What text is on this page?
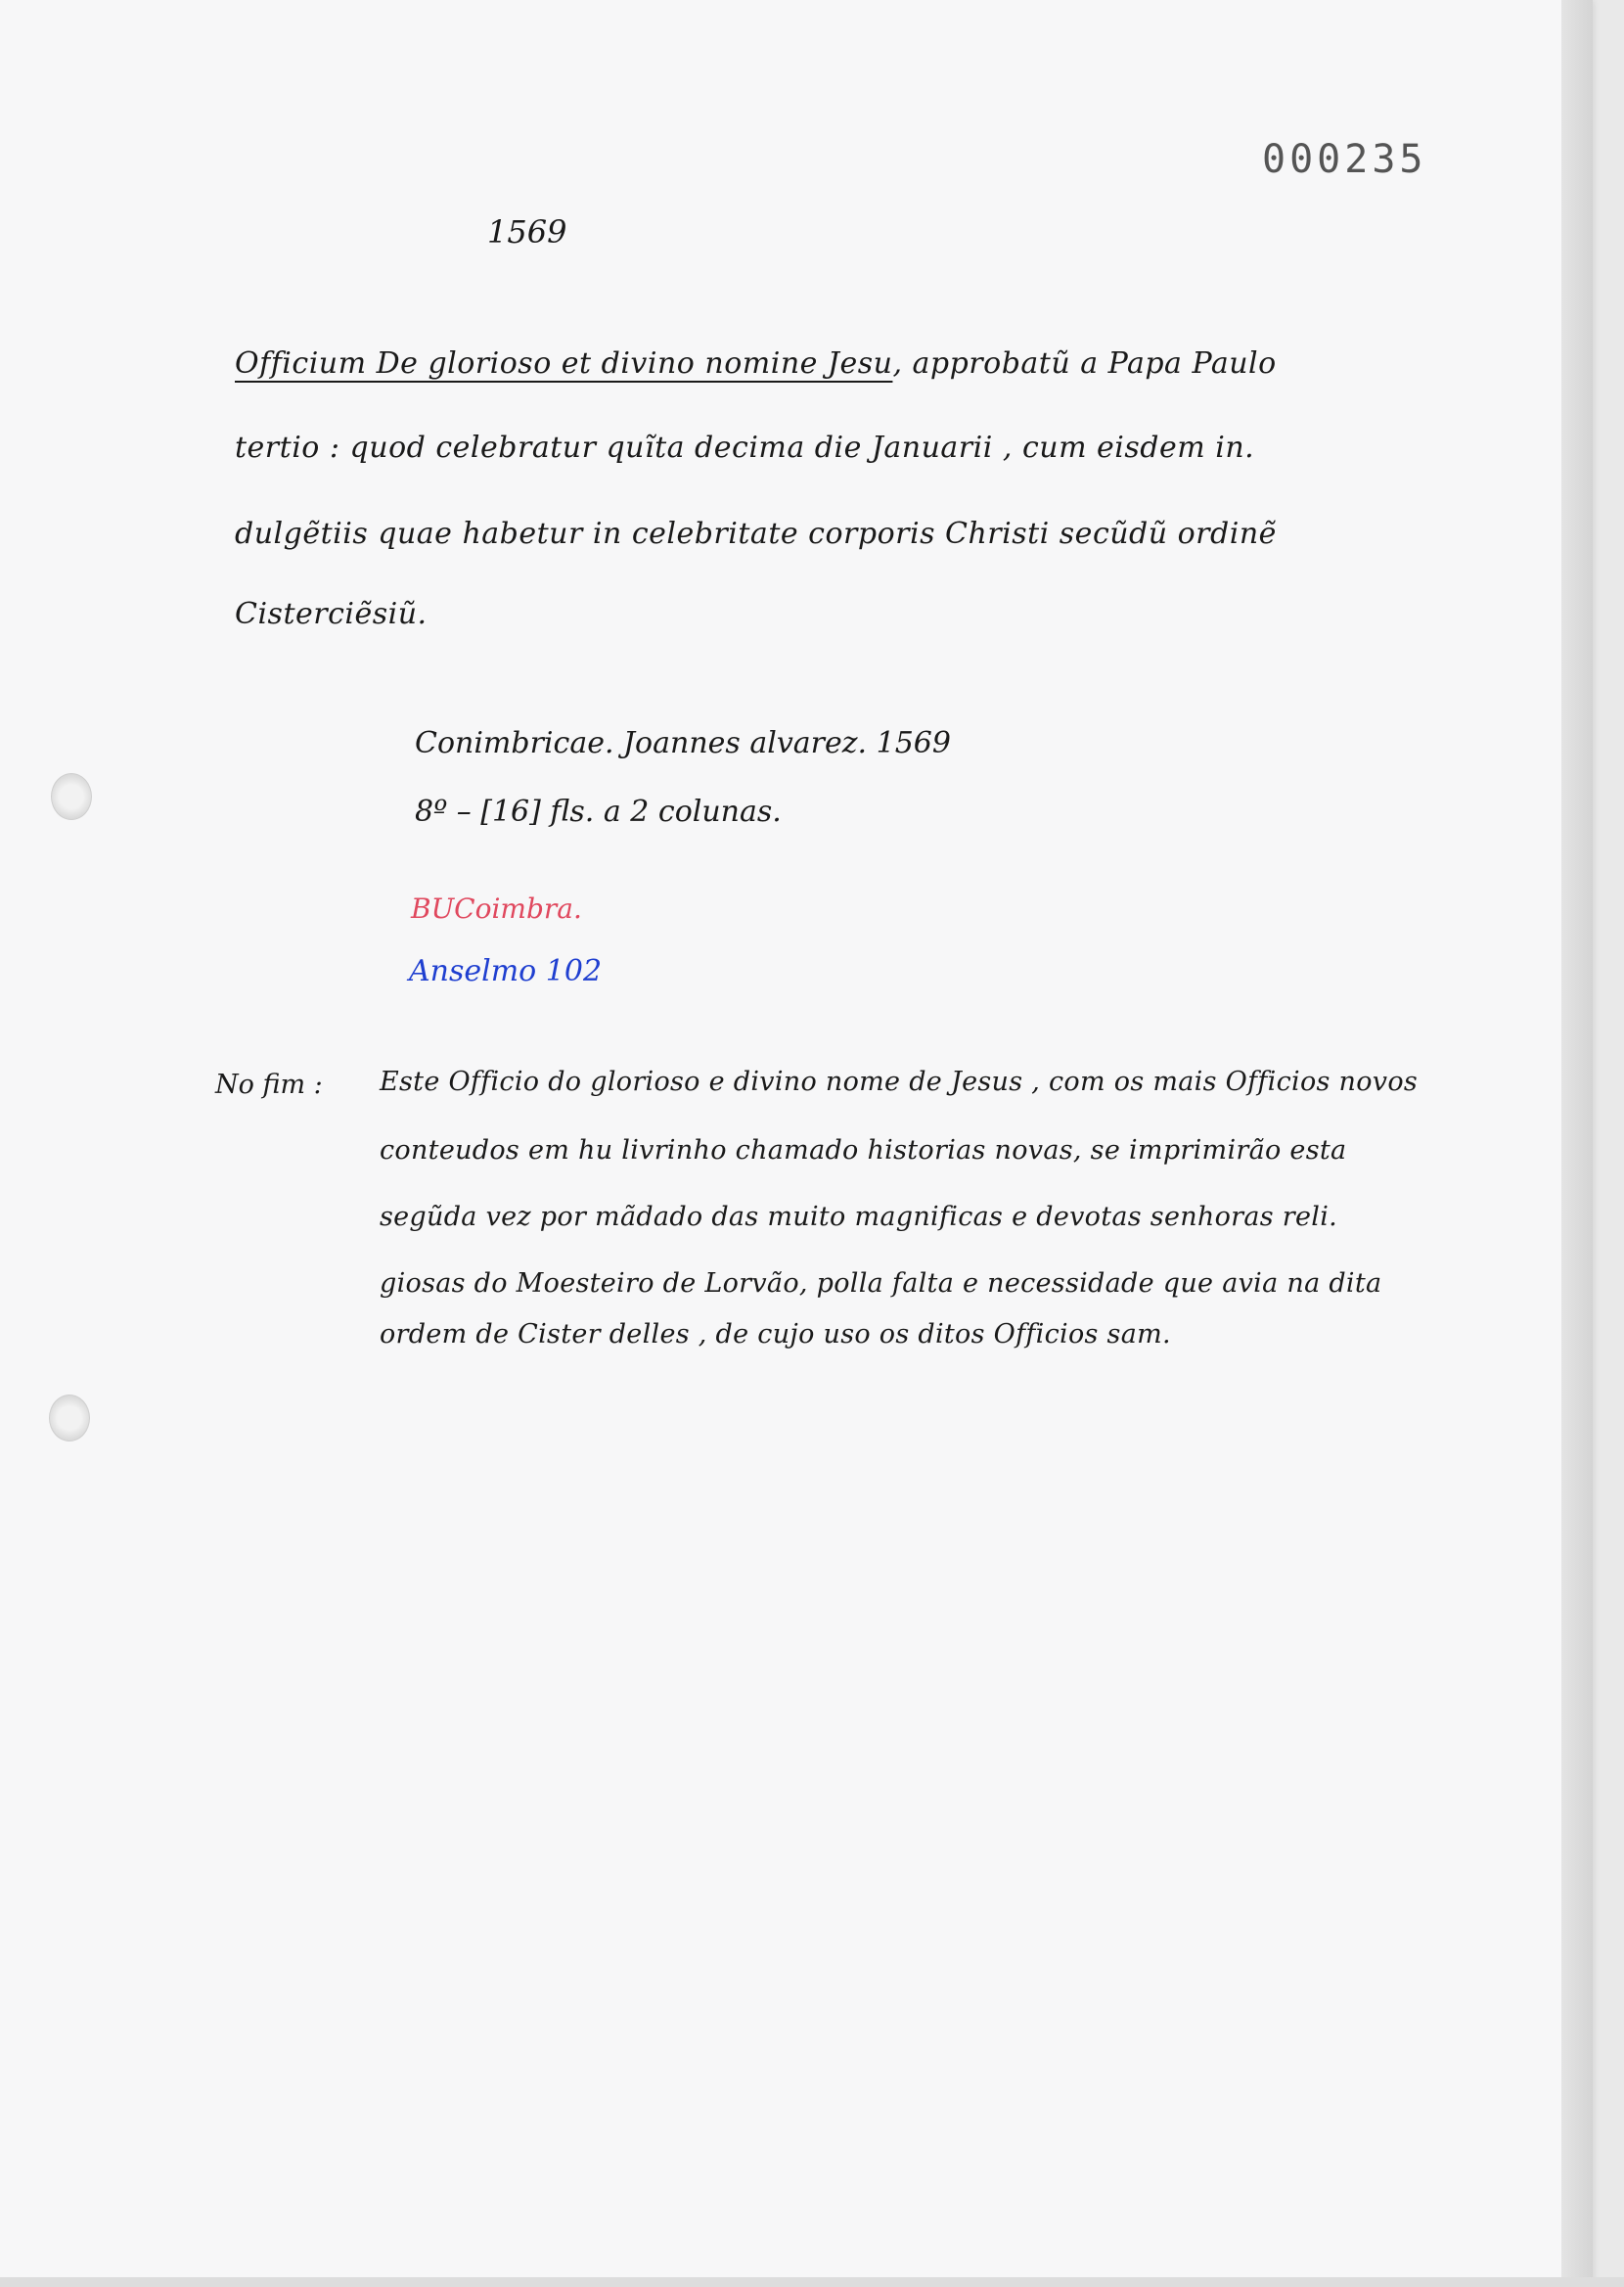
000235
1569
Officium De glorioso et divino nomine Jesu, approbatũ a Papa Paulo
tertio : quod celebratur quĩta decima die Januarii , cum eisdem in.
dulgẽtiis quae habetur in celebritate corporis Christi secũdũ ordinẽ
Cisterciẽsiũ.
Conimbricae. Joannes alvarez. 1569
8º – [16] fls. a 2 colunas.
BUCoimbra.
Anselmo 102
No fim : Este Officio do glorioso e divino nome de Jesus , com os mais Officios novos
conteudos em hu livrinho chamado historias novas, se imprimirão esta
segũda vez por mãdado das muito magnificas e devotas senhoras reli.
giosas do Moesteiro de Lorvão, polla falta e necessidade que avia na dita
ordem de Cister delles , de cujo uso os ditos Officios sam.
